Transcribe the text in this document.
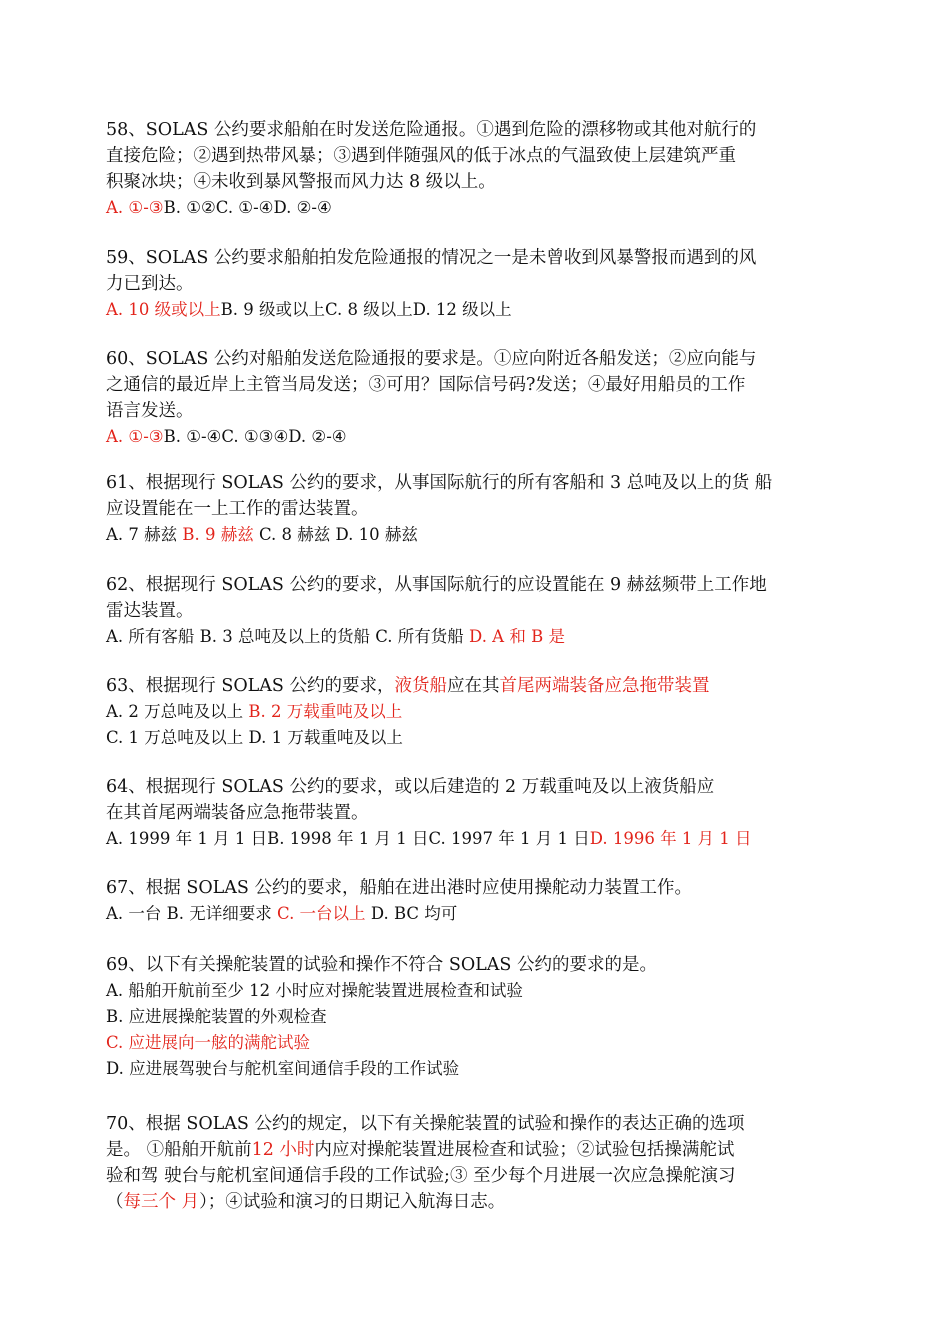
58、SOLAS 公约要求船舶在时发送危险通报。①遇到危险的漂移物或其他对航行的
直接危险；②遇到热带风暴；③遇到伴随强风的低于冰点的气温致使上层建筑严重
积聚冰块；④未收到暴风警报而风力达 8 级以上。
A. ①-③B. ①②C. ①-④D. ②-④
59、SOLAS 公约要求船舶拍发危险通报的情况之一是未曾收到风暴警报而遇到的风
力已到达。
A. 10 级或以上B. 9 级或以上C. 8 级以上D. 12 级以上
60、SOLAS 公约对船舶发送危险通报的要求是。①应向附近各船发送；②应向能与
之通信的最近岸上主管当局发送；③可用？国际信号码?发送；④最好用船员的工作
语言发送。
A. ①-③B. ①-④C. ①③④D. ②-④
61、根据现行 SOLAS 公约的要求，从事国际航行的所有客船和 3 总吨及以上的货 船
应设置能在一上工作的雷达装置。
A. 7 赫兹 B. 9 赫兹 C. 8 赫兹 D. 10 赫兹
62、根据现行 SOLAS 公约的要求，从事国际航行的应设置能在 9 赫兹频带上工作地
雷达装置。
A. 所有客船 B. 3 总吨及以上的货船 C. 所有货船 D. A 和 B 是
63、根据现行 SOLAS 公约的要求，液货船应在其首尾两端装备应急拖带装置
A. 2 万总吨及以上 B. 2 万载重吨及以上
C. 1 万总吨及以上 D. 1 万载重吨及以上
64、根据现行 SOLAS 公约的要求，或以后建造的 2 万载重吨及以上液货船应
在其首尾两端装备应急拖带装置。
A. 1999 年 1 月 1 日B. 1998 年 1 月 1 日C. 1997 年 1 月 1 日D. 1996 年 1 月 1 日
67、根据 SOLAS 公约的要求，船舶在进出港时应使用操舵动力装置工作。
A. 一台 B. 无详细要求 C. 一台以上 D. BC 均可
69、以下有关操舵装置的试验和操作不符合 SOLAS 公约的要求的是。
A. 船舶开航前至少 12 小时应对操舵装置进展检查和试验
B. 应进展操舵装置的外观检查
C. 应进展向一舷的满舵试验
D. 应进展驾驶台与舵机室间通信手段的工作试验
70、根据 SOLAS 公约的规定，以下有关操舵装置的试验和操作的表达正确的选项
是。 ①船舶开航前12 小时内应对操舵装置进展检查和试验；②试验包括操满舵试
验和驾 驶台与舵机室间通信手段的工作试验;③ 至少每个月进展一次应急操舵演习
（每三个 月）；④试验和演习的日期记入航海日志。
